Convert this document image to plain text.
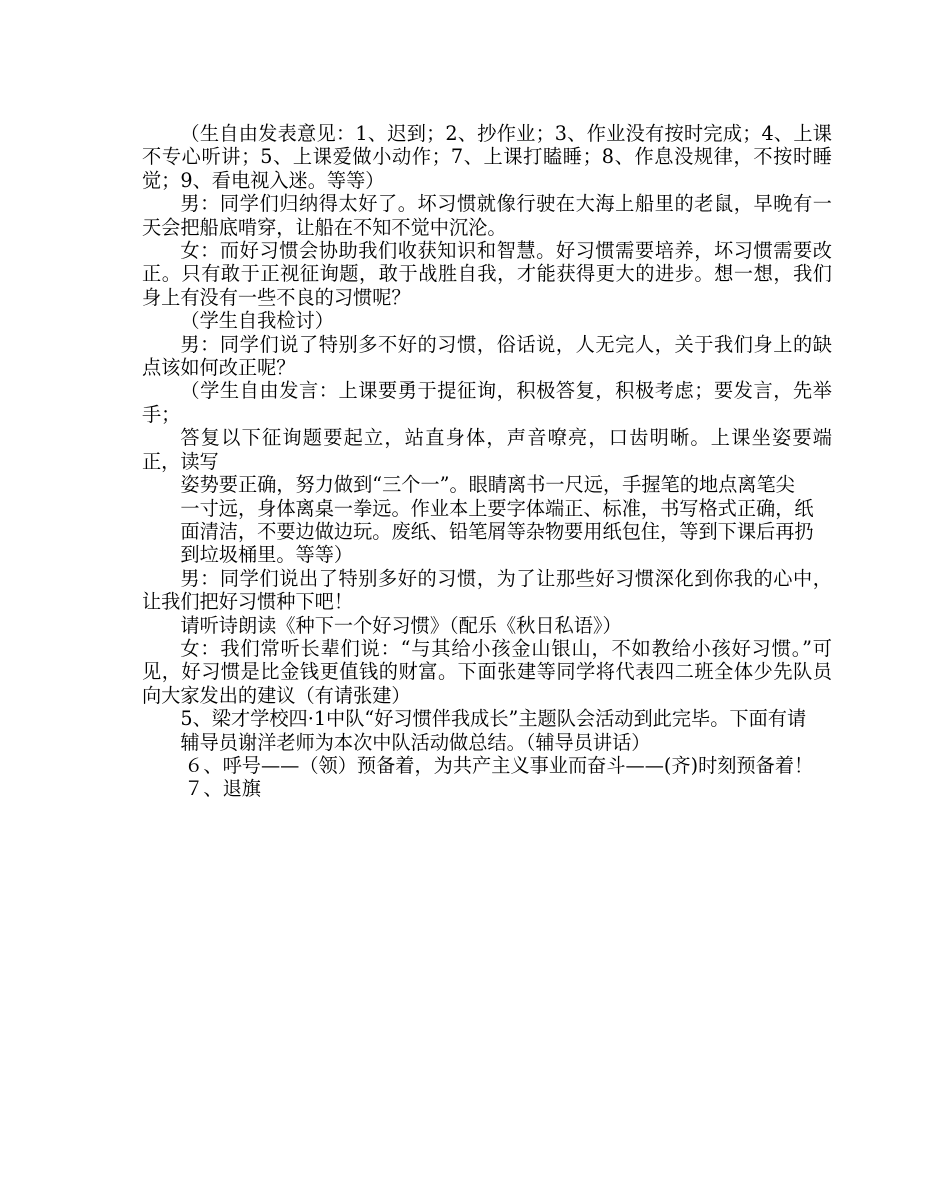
（生自由发表意见：1、迟到；2、抄作业；3、作业没有按时完成；4、上课不专心听讲；5、上课爱做小动作；7、上课打瞌睡；8、作息没规律，不按时睡觉；9、看电视入迷。等等）

男：同学们归纳得太好了。坏习惯就像行驶在大海上船里的老鼠，早晚有一天会把船底啃穿，让船在不知不觉中沉沦。

女：而好习惯会协助我们收获知识和智慧。好习惯需要培养，坏习惯需要改正。只有敢于正视征询题，敢于战胜自我，才能获得更大的进步。想一想，我们身上有没有一些不良的习惯呢？

（学生自我检讨）

男：同学们说了特别多不好的习惯，俗话说，人无完人，关于我们身上的缺点该如何改正呢？

（学生自由发言：上课要勇于提征询，积极答复，积极考虑；要发言，先举手；

答复以下征询题要起立，站直身体，声音嘹亮，口齿明晰。上课坐姿要端正，读写

姿势要正确，努力做到“三个一”。眼睛离书一尺远，手握笔的地点离笔尖

一寸远，身体离桌一拳远。作业本上要字体端正、标准，书写格式正确，纸

面清洁，不要边做边玩。废纸、铅笔屑等杂物要用纸包住，等到下课后再扔

到垃圾桶里。等等）

男：同学们说出了特别多好的习惯，为了让那些好习惯深化到你我的心中，让我们把好习惯种下吧！

请听诗朗读《种下一个好习惯》（配乐《秋日私语》）

女：我们常听长辈们说：“与其给小孩金山银山，不如教给小孩好习惯。”可见，好习惯是比金钱更值钱的财富。下面张建等同学将代表四二班全体少先队员向大家发出的建议（有请张建）

5、梁才学校四·1中队“好习惯伴我成长”主题队会活动到此完毕。下面有请

辅导员谢洋老师为本次中队活动做总结。（辅导员讲话）

６、呼号——（领）预备着，为共产主义事业而奋斗——(齐)时刻预备着！

７、退旗
